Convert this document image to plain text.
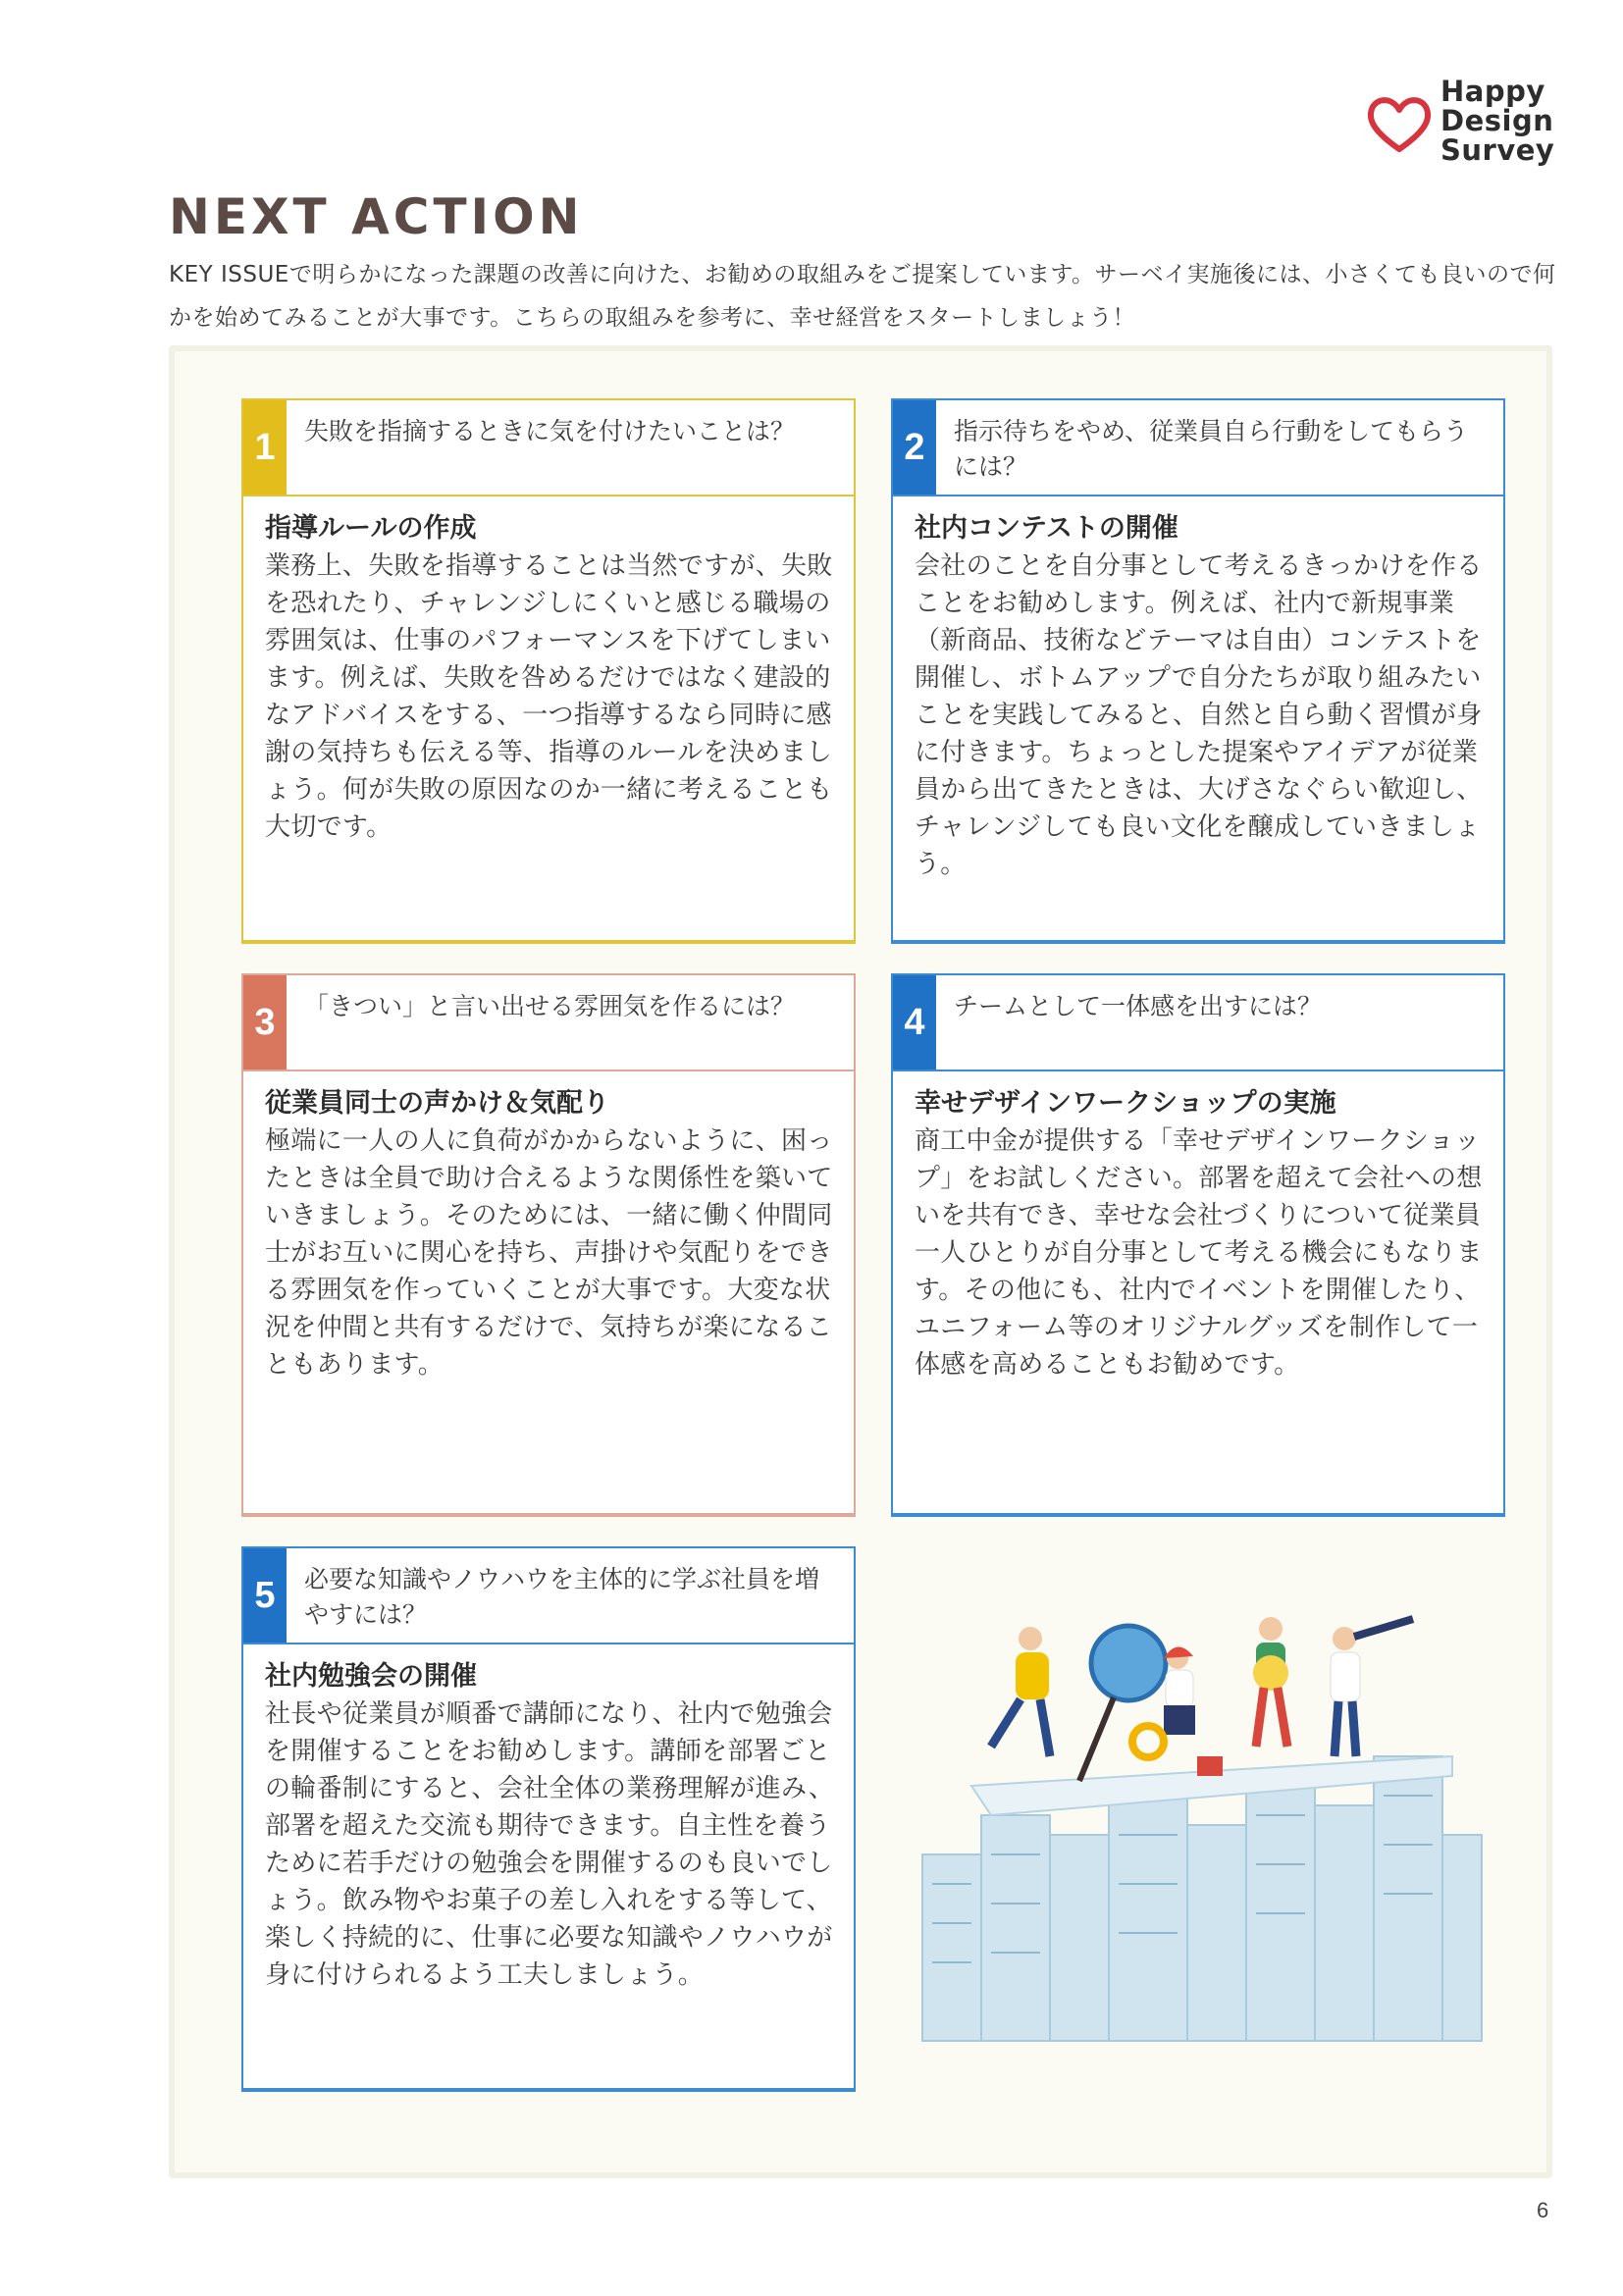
Happy
Design
Survey
NEXT ACTION
KEY ISSUEで明らかになった課題の改善に向けた、お勧めの取組みをご提案しています。サーベイ実施後には、小さくても良いので何かを始めてみることが大事です。こちらの取組みを参考に、幸せ経営をスタートしましょう！
1	失敗を指摘するときに気を付けたいことは？
指導ルールの作成
業務上、失敗を指導することは当然ですが、失敗を恐れたり、チャレンジしにくいと感じる職場の雰囲気は、仕事のパフォーマンスを下げてしまいます。例えば、失敗を咎めるだけではなく建設的なアドバイスをする、一つ指導するなら同時に感謝の気持ちも伝える等、指導のルールを決めましょう。何が失敗の原因なのか一緒に考えることも大切です。
2	指示待ちをやめ、従業員自ら行動をしてもらうには？
社内コンテストの開催
会社のことを自分事として考えるきっかけを作ることをお勧めします。例えば、社内で新規事業（新商品、技術などテーマは自由）コンテストを開催し、ボトムアップで自分たちが取り組みたいことを実践してみると、自然と自ら動く習慣が身に付きます。ちょっとした提案やアイデアが従業員から出てきたときは、大げさなぐらい歓迎し、チャレンジしても良い文化を醸成していきましょう。
3	「きつい」と言い出せる雰囲気を作るには？
従業員同士の声かけ＆気配り
極端に一人の人に負荷がかからないように、困ったときは全員で助け合えるような関係性を築いていきましょう。そのためには、一緒に働く仲間同士がお互いに関心を持ち、声掛けや気配りをできる雰囲気を作っていくことが大事です。大変な状況を仲間と共有するだけで、気持ちが楽になることもあります。
4	チームとして一体感を出すには？
幸せデザインワークショップの実施
商工中金が提供する「幸せデザインワークショップ」をお試しください。部署を超えて会社への想いを共有でき、幸せな会社づくりについて従業員一人ひとりが自分事として考える機会にもなります。その他にも、社内でイベントを開催したり、ユニフォーム等のオリジナルグッズを制作して一体感を高めることもお勧めです。
5	必要な知識やノウハウを主体的に学ぶ社員を増やすには？
社内勉強会の開催
社長や従業員が順番で講師になり、社内で勉強会を開催することをお勧めします。講師を部署ごとの輪番制にすると、会社全体の業務理解が進み、部署を超えた交流も期待できます。自主性を養うために若手だけの勉強会を開催するのも良いでしょう。飲み物やお菓子の差し入れをする等して、楽しく持続的に、仕事に必要な知識やノウハウが身に付けられるよう工夫しましょう。
6
